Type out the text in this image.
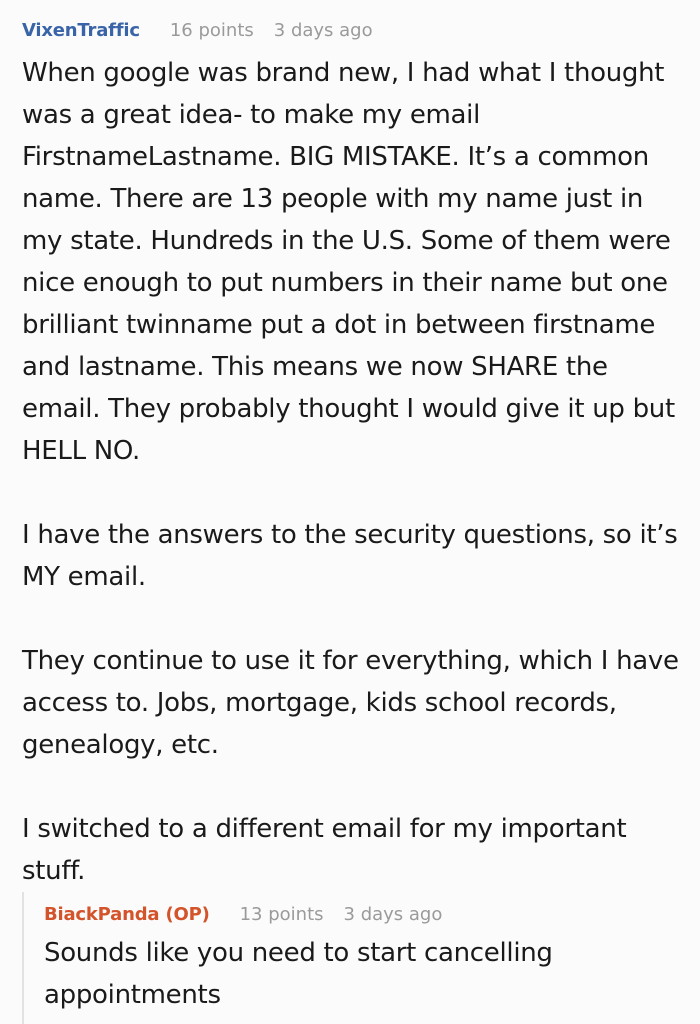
VixenTraffic 16 points 3 days ago

When google was brand new, I had what I thought was a great idea- to make my email FirstnameLastname. BIG MISTAKE. It’s a common name. There are 13 people with my name just in my state. Hundreds in the U.S. Some of them were nice enough to put numbers in their name but one brilliant twinname put a dot in between firstname and lastname. This means we now SHARE the email. They probably thought I would give it up but HELL NO.

I have the answers to the security questions, so it’s MY email.

They continue to use it for everything, which I have access to. Jobs, mortgage, kids school records, genealogy, etc.

I switched to a different email for my important stuff.

BiackPanda (OP) 13 points 3 days ago

Sounds like you need to start cancelling appointments
